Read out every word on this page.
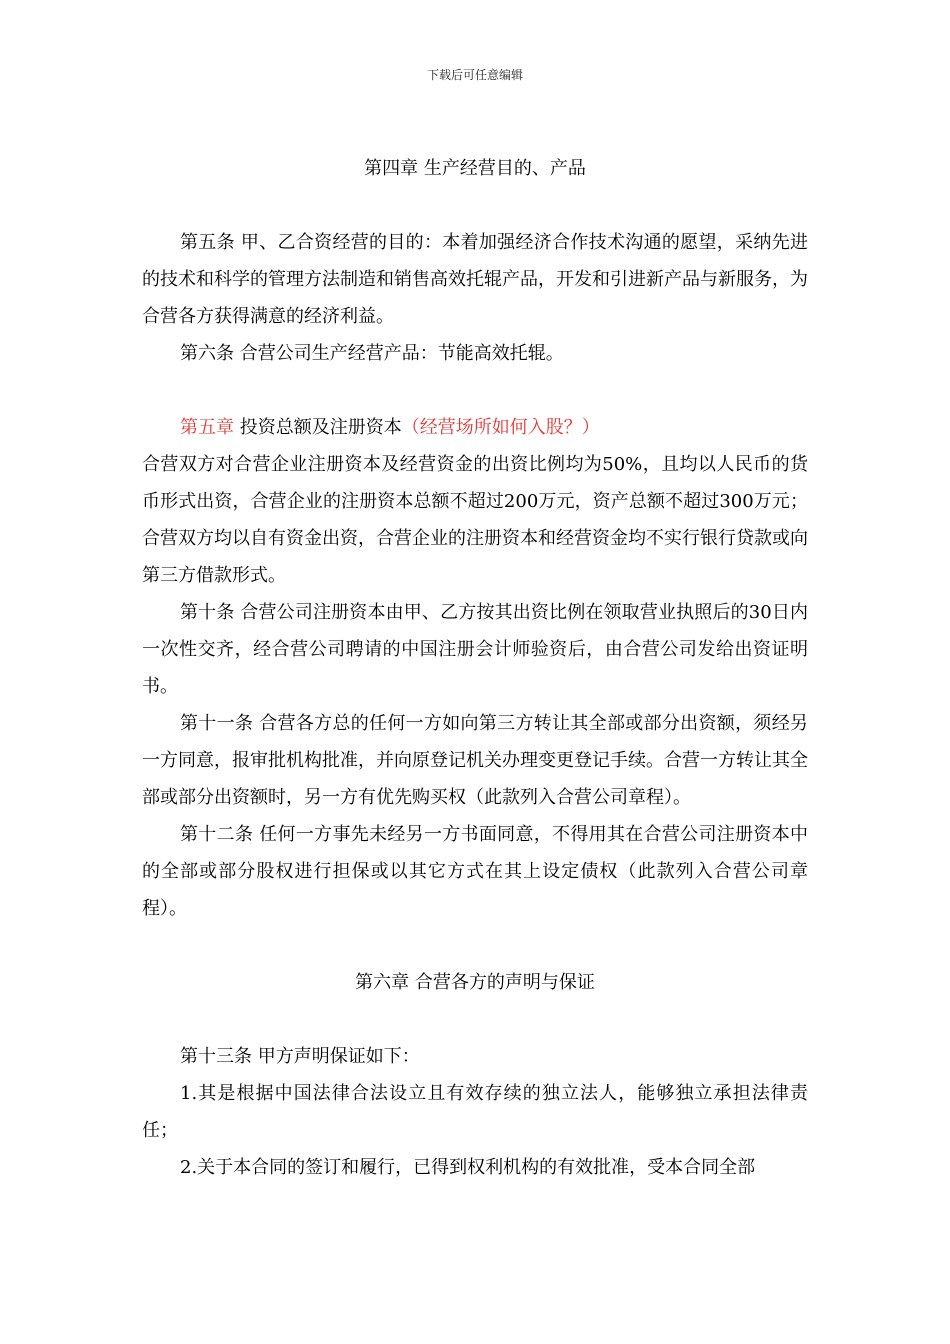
下载后可任意编辑

第四章 生产经营目的、产品

第五条 甲、乙合资经营的目的：本着加强经济合作技术沟通的愿望，采纳先进的技术和科学的管理方法制造和销售高效托辊产品，开发和引进新产品与新服务，为合营各方获得满意的经济利益。

第六条 合营公司生产经营产品：节能高效托辊。

第五章 投资总额及注册资本（经营场所如何入股？）

合营双方对合营企业注册资本及经营资金的出资比例均为50%，且均以人民币的货币形式出资，合营企业的注册资本总额不超过200万元，资产总额不超过300万元；合营双方均以自有资金出资，合营企业的注册资本和经营资金均不实行银行贷款或向第三方借款形式。

第十条 合营公司注册资本由甲、乙方按其出资比例在领取营业执照后的30日内一次性交齐，经合营公司聘请的中国注册会计师验资后，由合营公司发给出资证明书。

第十一条 合营各方总的任何一方如向第三方转让其全部或部分出资额，须经另一方同意，报审批机构批准，并向原登记机关办理变更登记手续。合营一方转让其全部或部分出资额时，另一方有优先购买权（此款列入合营公司章程）。

第十二条 任何一方事先未经另一方书面同意，不得用其在合营公司注册资本中的全部或部分股权进行担保或以其它方式在其上设定债权（此款列入合营公司章程）。

第六章 合营各方的声明与保证

第十三条 甲方声明保证如下：

1.其是根据中国法律合法设立且有效存续的独立法人，能够独立承担法律责任；

2.关于本合同的签订和履行，已得到权利机构的有效批准，受本合同全部
